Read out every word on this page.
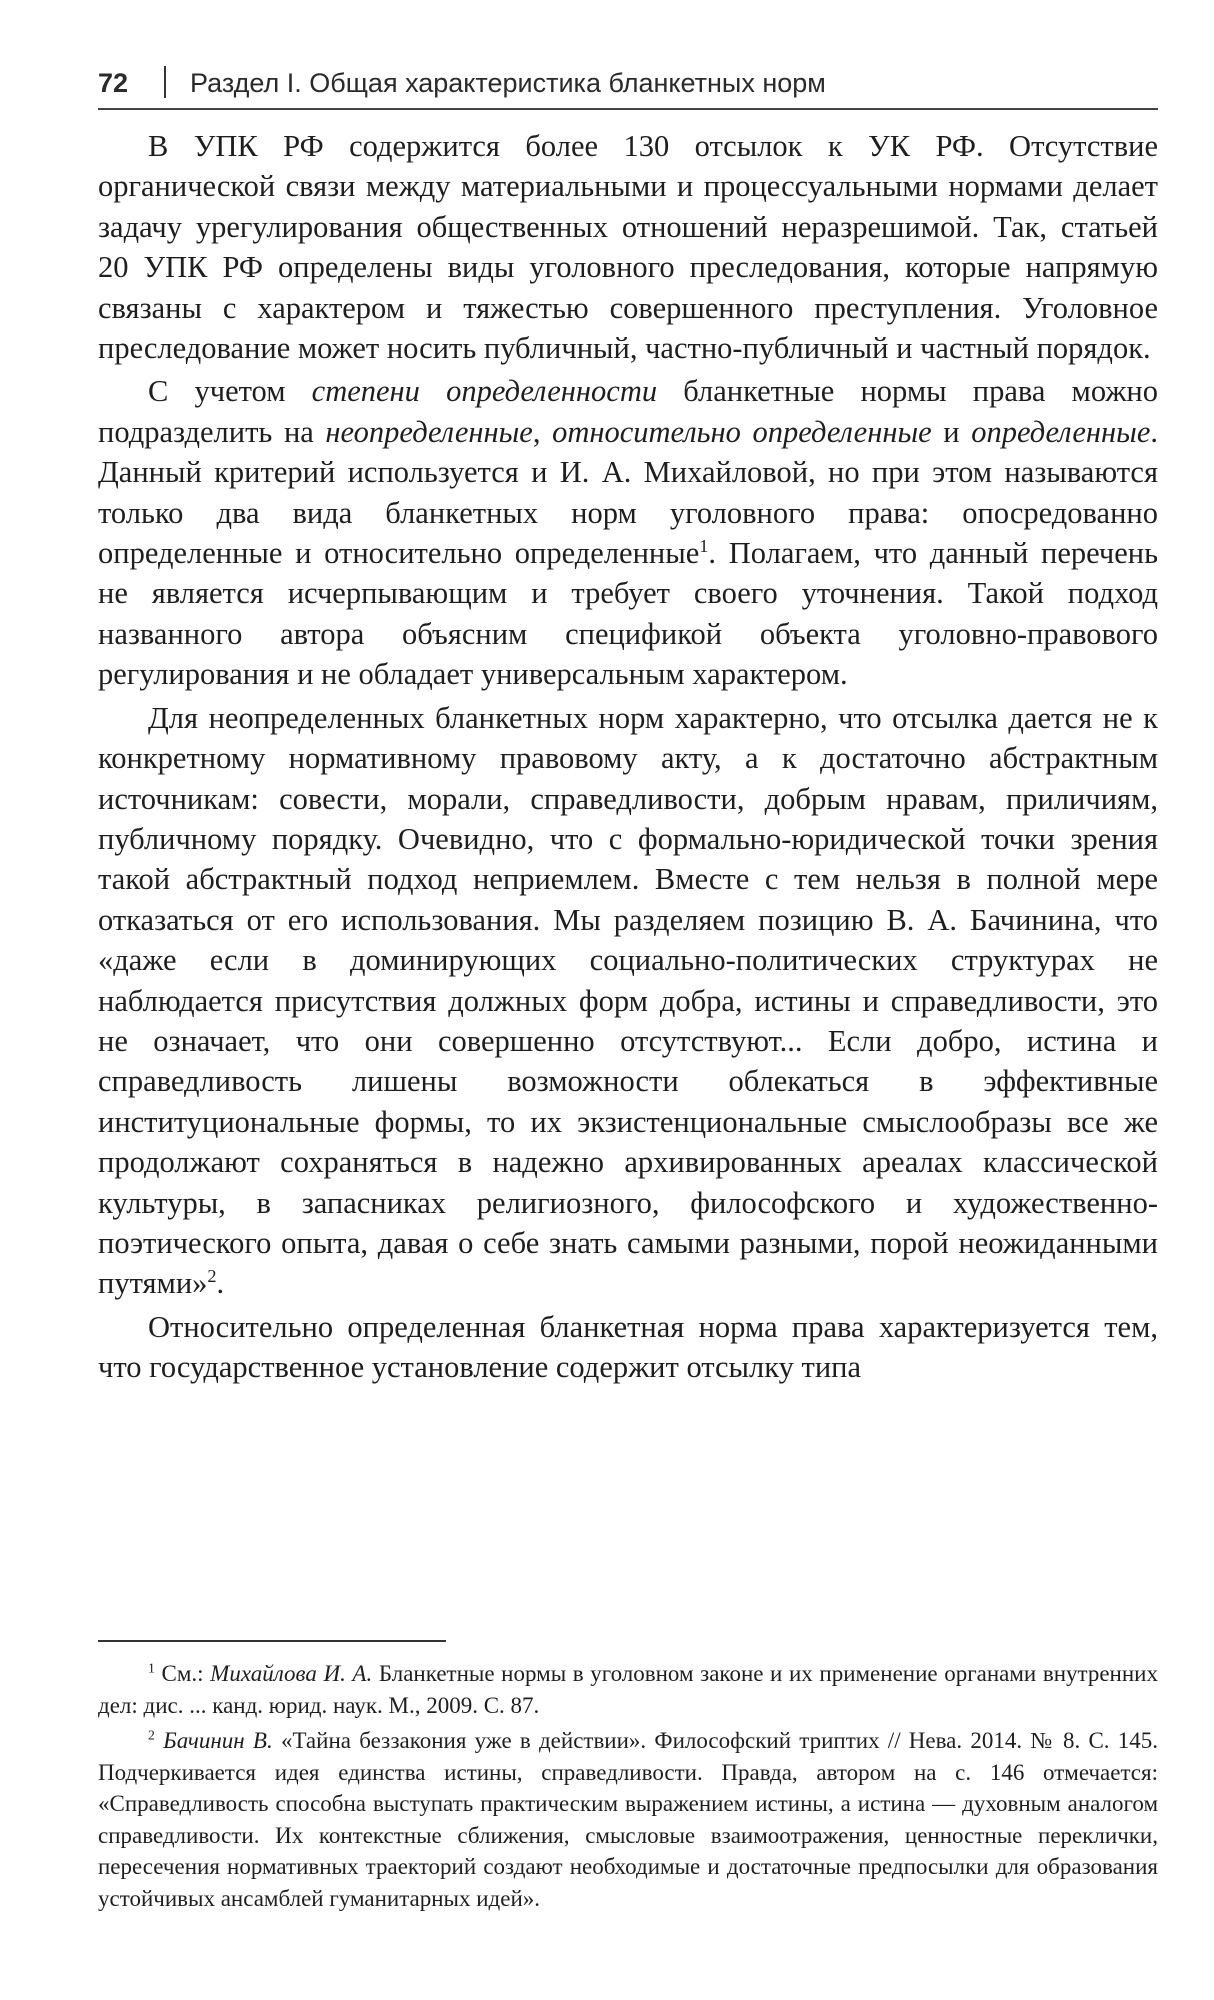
72 Раздел I. Общая характеристика бланкетных норм

В УПК РФ содержится более 130 отсылок к УК РФ. Отсутствие органической связи между материальными и процессуальными нормами делает задачу урегулирования общественных отношений неразрешимой. Так, статьей 20 УПК РФ определены виды уголовного преследования, которые напрямую связаны с характером и тяжестью совершенного преступления. Уголовное преследование может носить публичный, частно-публичный и частный порядок.

С учетом степени определенности бланкетные нормы права можно подразделить на неопределенные, относительно определенные и определенные. Данный критерий используется и И. А. Михайловой, но при этом называются только два вида бланкетных норм уголовного права: опосредованно определенные и относительно определенные$^1$. Полагаем, что данный перечень не является исчерпывающим и требует своего уточнения. Такой подход названного автора объясним спецификой объекта уголовно-правового регулирования и не обладает универсальным характером.

Для неопределенных бланкетных норм характерно, что отсылка дается не к конкретному нормативному правовому акту, а к достаточно абстрактным источникам: совести, морали, справедливости, добрым нравам, приличиям, публичному порядку. Очевидно, что с формально-юридической точки зрения такой абстрактный подход неприемлем. Вместе с тем нельзя в полной мере отказаться от его использования. Мы разделяем позицию В. А. Бачинина, что «даже если в доминирующих социально-политических структурах не наблюдается присутствия должных форм добра, истины и справедливости, это не означает, что они совершенно отсутствуют... Если добро, истина и справедливость лишены возможности облекаться в эффективные институциональные формы, то их экзистенциональные смыслообразы все же продолжают сохраняться в надежно архивированных ареалах классической культуры, в запасниках религиозного, философского и художественно-поэтического опыта, давая о себе знать самыми разными, порой неожиданными путями»$^2$.

Относительно определенная бланкетная норма права характеризуется тем, что государственное установление содержит отсылку типа

$^1$ См.: Михайлова И. А. Бланкетные нормы в уголовном законе и их применение органами внутренних дел: дис. ... канд. юрид. наук. М., 2009. С. 87.

$^2$ Бачинин В. «Тайна беззакония уже в действии». Философский триптих // Нева. 2014. № 8. С. 145. Подчеркивается идея единства истины, справедливости. Правда, автором на с. 146 отмечается: «Справедливость способна выступать практическим выражением истины, а истина — духовным аналогом справедливости. Их контекстные сближения, смысловые взаимоотражения, ценностные переклички, пересечения нормативных траекторий создают необходимые и достаточные предпосылки для образования устойчивых ансамблей гуманитарных идей».
